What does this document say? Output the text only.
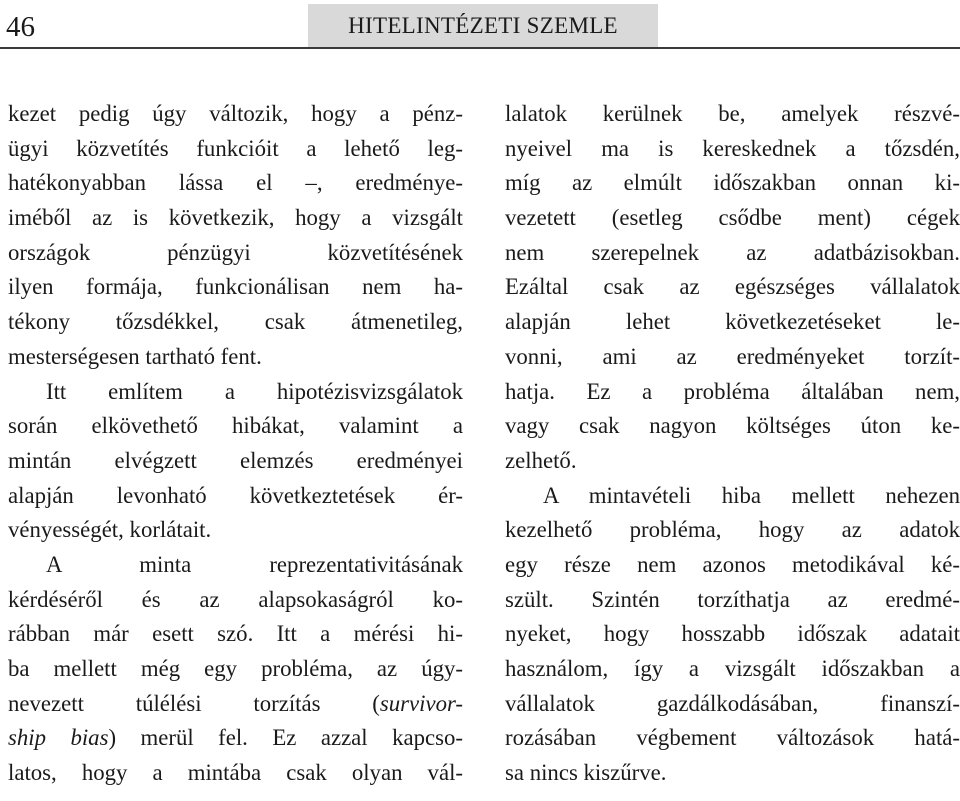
46	HITELINTÉZETI SZEMLE
kezet pedig úgy változik, hogy a pénz-
ügyi közvetítés funkcióit a lehető leg-
hatékonyabban lássa el –, eredménye-
iméből az is következik, hogy a vizsgált
országok pénzügyi közvetítésének
ilyen formája, funkcionálisan nem ha-
tékony tőzsdékkel, csak átmenetileg,
mesterségesen tartható fent.
Itt említem a hipotézisvizsgálatok
során elkövethető hibákat, valamint a
mintán elvégzett elemzés eredményei
alapján levonható következtetések ér-
vényességét, korlátait.
A minta reprezentativitásának
kérdéséről és az alapsokaságról ko-
rábban már esett szó. Itt a mérési hi-
ba mellett még egy probléma, az úgy-
nevezett túlélési torzítás (survivor-
ship bias) merül fel. Ez azzal kapcso-
latos, hogy a mintába csak olyan vál-
lalatok kerülnek be, amelyek részvé-
nyeivel ma is kereskednek a tőzsdén,
míg az elmúlt időszakban onnan ki-
vezetett (esetleg csődbe ment) cégek
nem szerepelnek az adatbázisokban.
Ezáltal csak az egészséges vállalatok
alapján lehet következetéseket le-
vonni, ami az eredményeket torzít-
hatja. Ez a probléma általában nem,
vagy csak nagyon költséges úton ke-
zelhető.
A mintavételi hiba mellett nehezen
kezelhető probléma, hogy az adatok
egy része nem azonos metodikával ké-
szült. Szintén torzíthatja az eredmé-
nyeket, hogy hosszabb időszak adatait
használom, így a vizsgált időszakban a
vállalatok gazdálkodásában, finanszí-
rozásában végbement változások hatá-
sa nincs kiszűrve.
